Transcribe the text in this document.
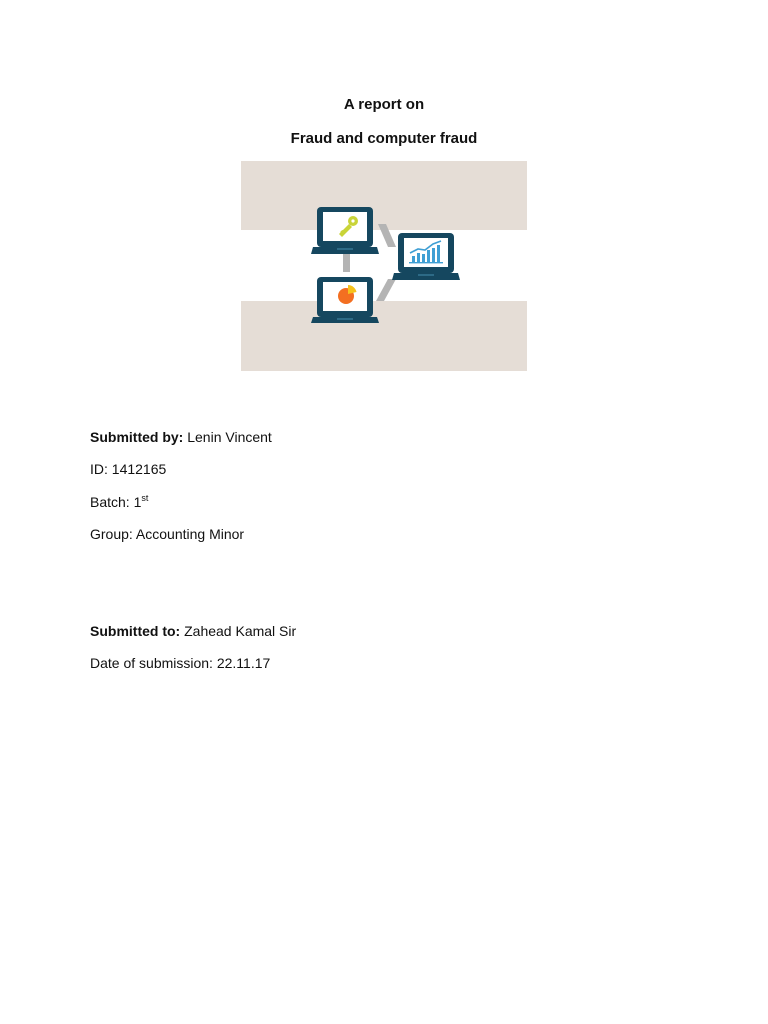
A report on
Fraud and computer fraud
Submitted by: Lenin Vincent
ID: 1412165
Batch: 1st
Group: Accounting Minor
Submitted to: Zahead Kamal Sir
Date of submission: 22.11.17
